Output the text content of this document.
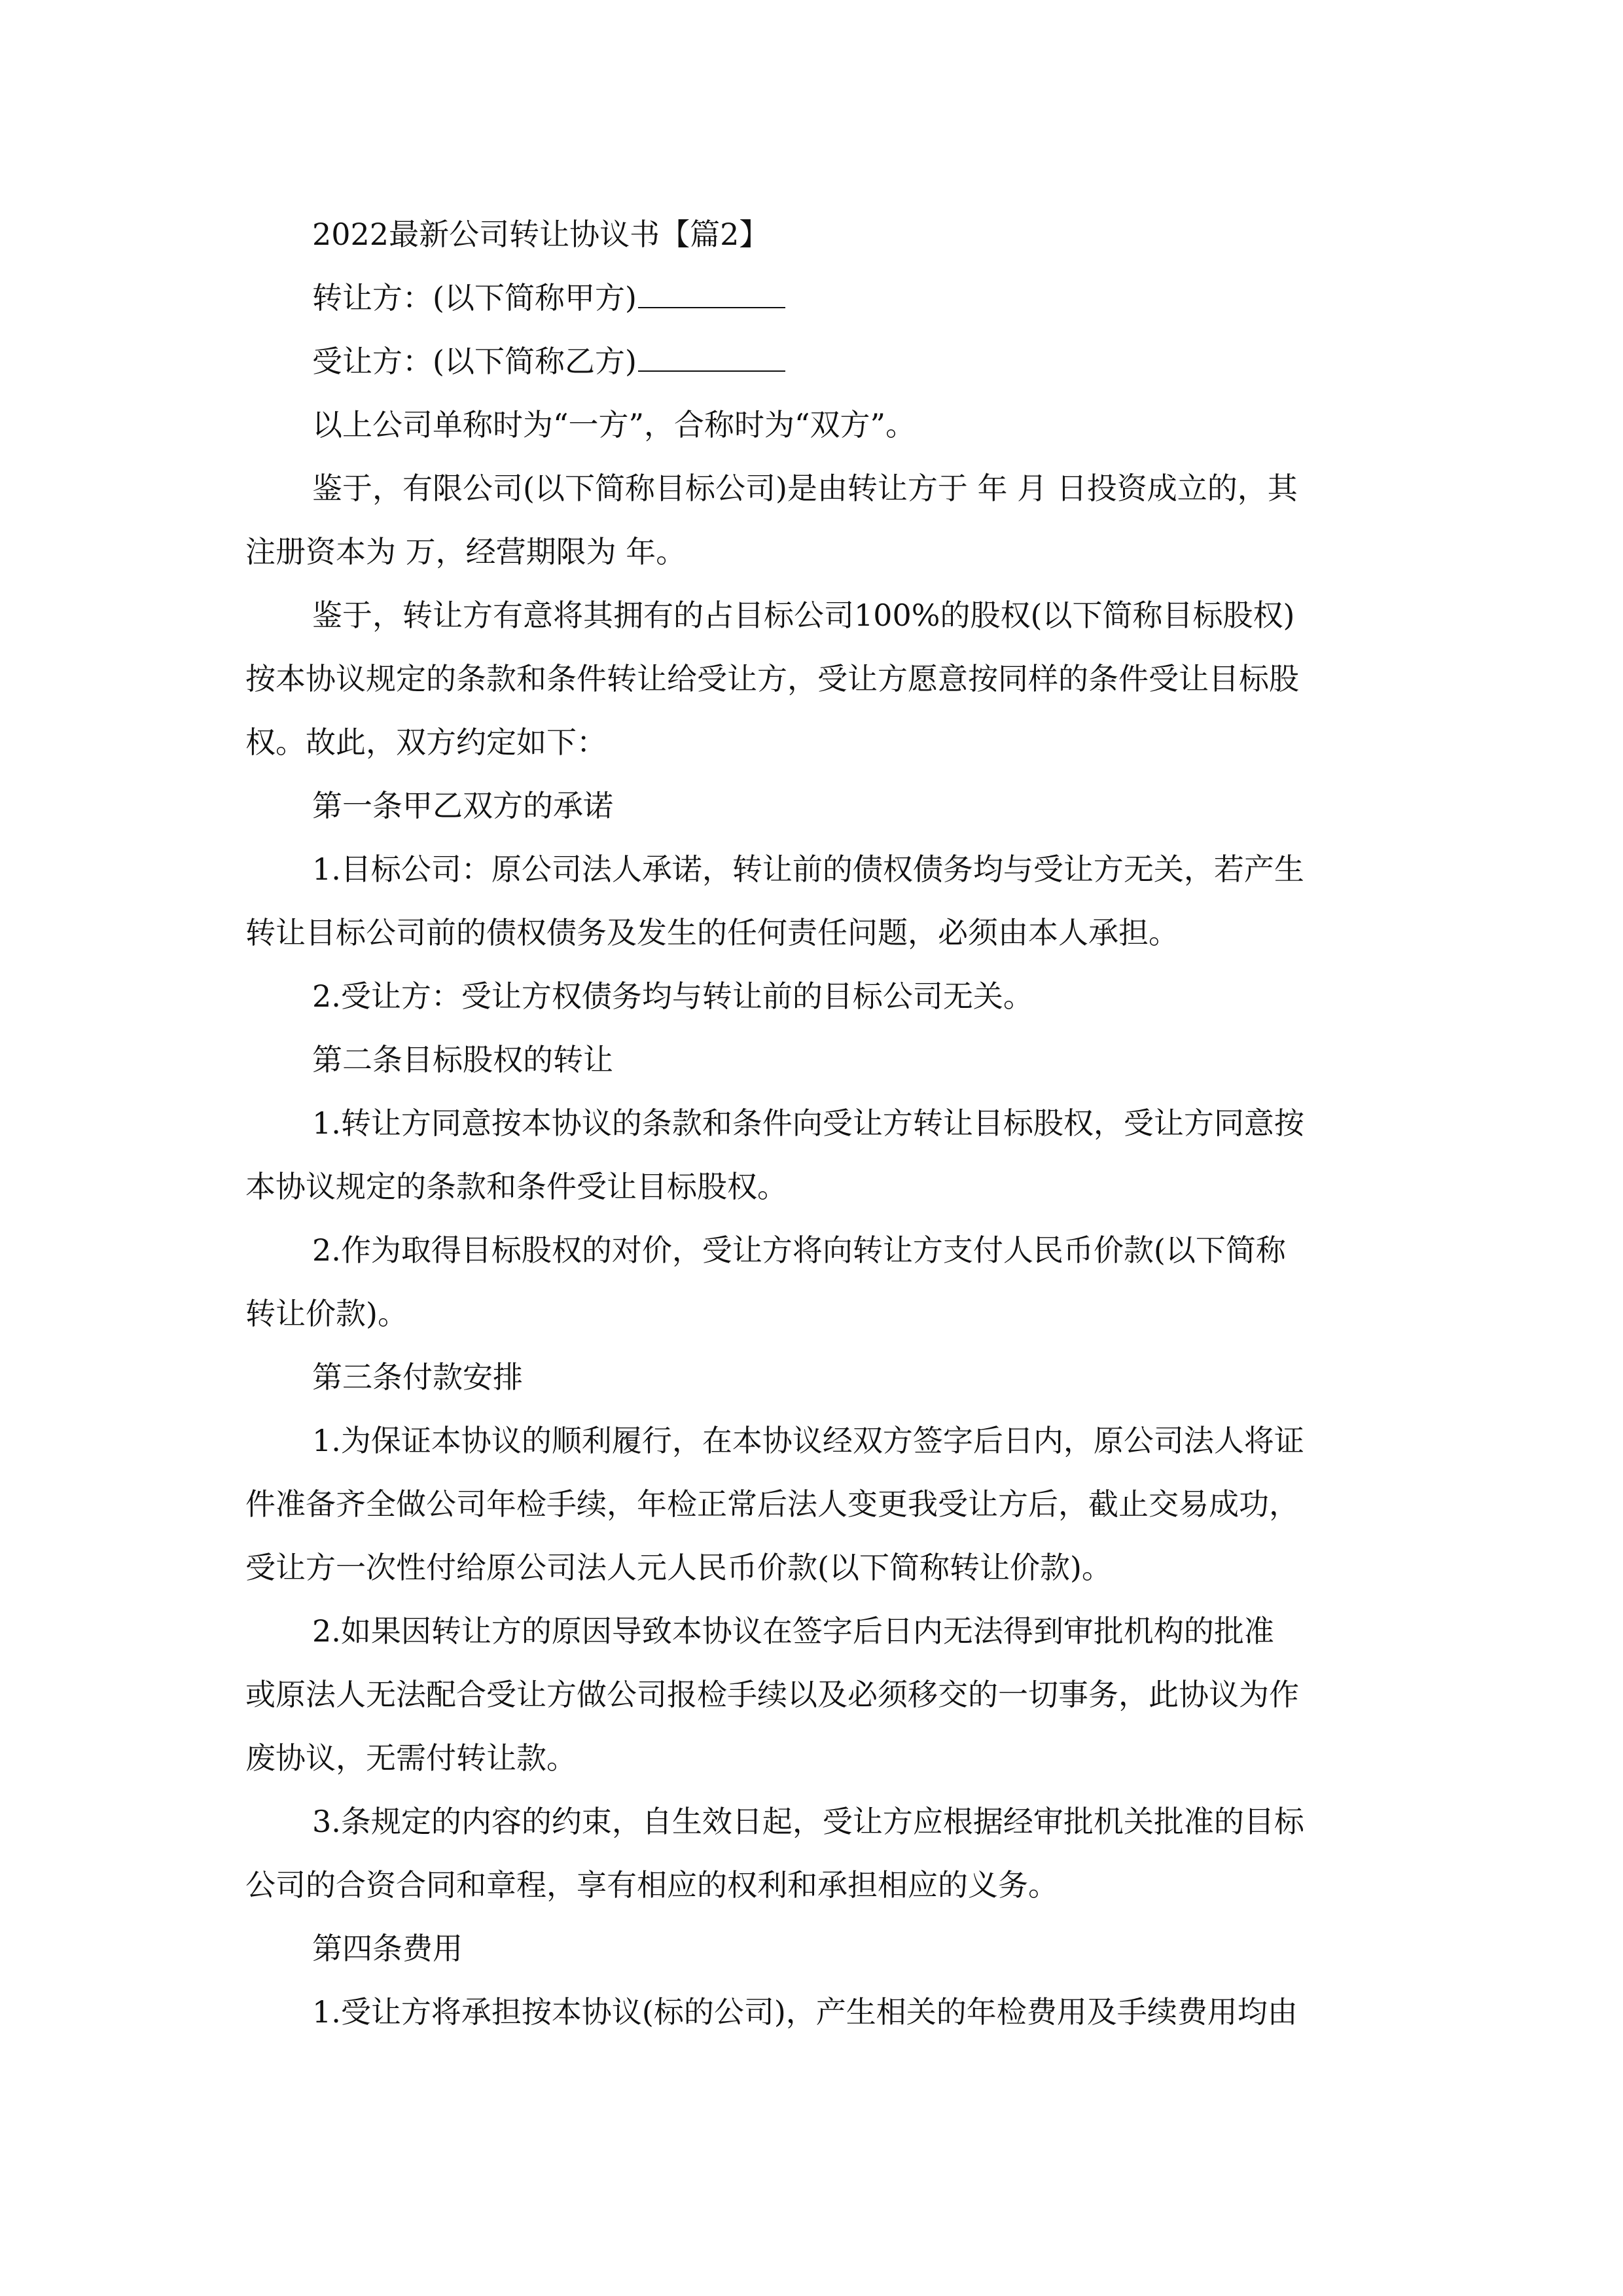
2022最新公司转让协议书【篇2】

转让方：(以下简称甲方)

受让方：(以下简称乙方)

以上公司单称时为“一方”，合称时为“双方”。

鉴于，有限公司(以下简称目标公司)是由转让方于 年 月 日投资成立的，其

注册资本为 万，经营期限为 年。

鉴于，转让方有意将其拥有的占目标公司100%的股权(以下简称目标股权)

按本协议规定的条款和条件转让给受让方，受让方愿意按同样的条件受让目标股

权。故此，双方约定如下：

第一条甲乙双方的承诺

1.目标公司：原公司法人承诺，转让前的债权债务均与受让方无关，若产生

转让目标公司前的债权债务及发生的任何责任问题，必须由本人承担。

2.受让方：受让方权债务均与转让前的目标公司无关。

第二条目标股权的转让

1.转让方同意按本协议的条款和条件向受让方转让目标股权，受让方同意按

本协议规定的条款和条件受让目标股权。

2.作为取得目标股权的对价，受让方将向转让方支付人民币价款(以下简称

转让价款)。

第三条付款安排

1.为保证本协议的顺利履行，在本协议经双方签字后日内，原公司法人将证

件准备齐全做公司年检手续，年检正常后法人变更我受让方后，截止交易成功，

受让方一次性付给原公司法人元人民币价款(以下简称转让价款)。

2.如果因转让方的原因导致本协议在签字后日内无法得到审批机构的批准

或原法人无法配合受让方做公司报检手续以及必须移交的一切事务，此协议为作

废协议，无需付转让款。

3.条规定的内容的约束，自生效日起，受让方应根据经审批机关批准的目标

公司的合资合同和章程，享有相应的权利和承担相应的义务。

第四条费用

1.受让方将承担按本协议(标的公司)，产生相关的年检费用及手续费用均由
